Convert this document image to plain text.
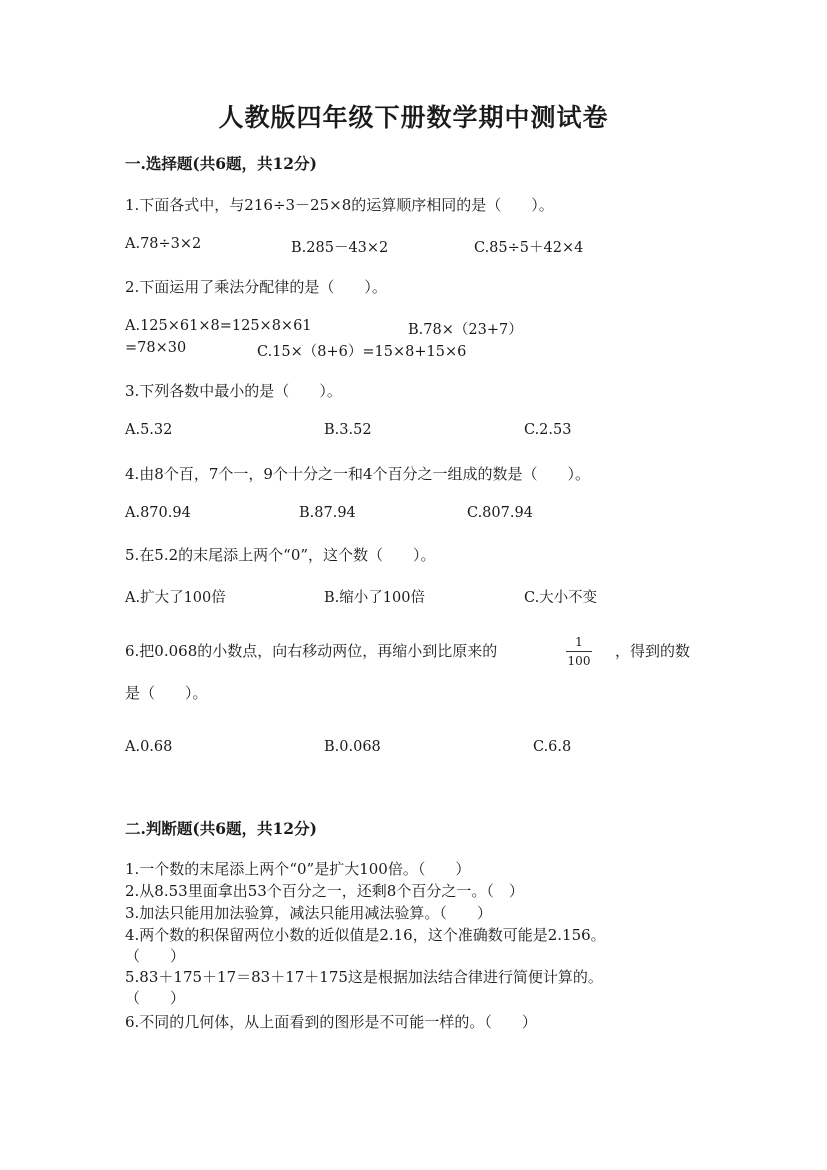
人教版四年级下册数学期中测试卷
一.选择题(共6题，共12分)
1.下面各式中，与216÷3－25×8的运算顺序相同的是（　　）。
A.78÷3×2	B.285－43×2	C.85÷5＋42×4
2.下面运用了乘法分配律的是（　　）。
A.125×61×8=125×8×61	B.78×（23+7）
=78×30	C.15×（8+6）=15×8+15×6
3.下列各数中最小的是（　　）。
A.5.32	B.3.52	C.2.53
4.由8个百，7个一，9个十分之一和4个百分之一组成的数是（　　）。
A.870.94	B.87.94	C.807.94
5.在5.2的末尾添上两个“0”，这个数（　　）。
A.扩大了100倍	B.缩小了100倍	C.大小不变
6.把0.068的小数点，向右移动两位，再缩小到比原来的	1
100
，得到的数
是（　　）。
A.0.68	B.0.068	C.6.8
二.判断题(共6题，共12分)
1.一个数的末尾添上两个“0”是扩大100倍。（　　）
2.从8.53里面拿出53个百分之一，还剩8个百分之一。（　）
3.加法只能用加法验算，减法只能用减法验算。（　　）
4.两个数的积保留两位小数的近似值是2.16，这个准确数可能是2.156。
（　　）
5.83＋175＋17＝83＋17＋175这是根据加法结合律进行简便计算的。
（　　）
6.不同的几何体，从上面看到的图形是不可能一样的。（　　）
